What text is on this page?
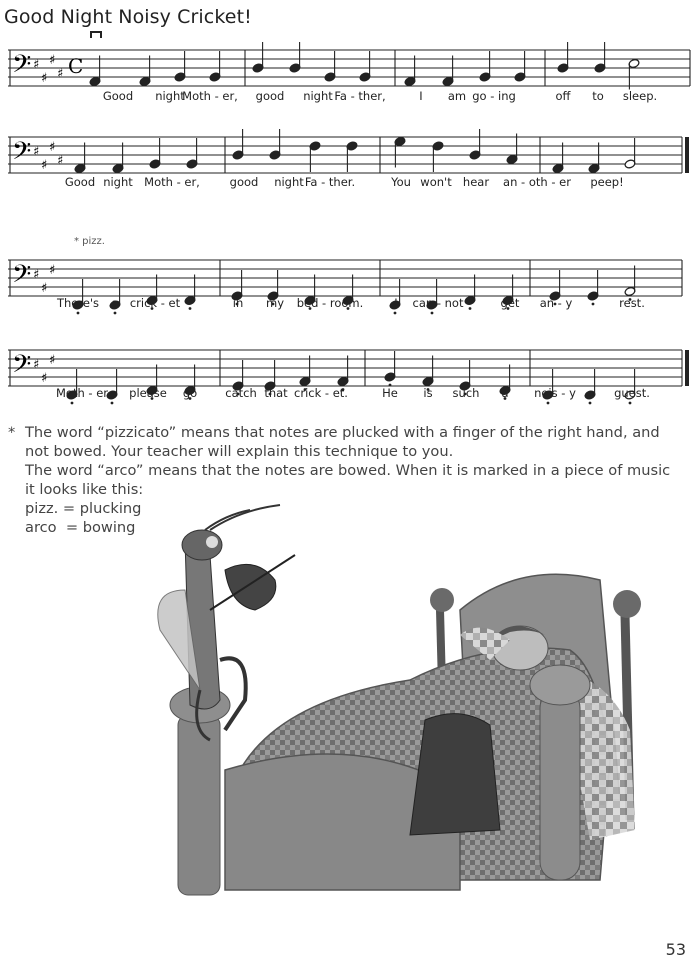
Good Night Noisy Cricket!
𝄢 ♯
♯
♯
♯ C
𝄢 ♯
♯
♯
♯
𝄢 ♯
♯
♯
𝄢 ♯
♯
♯
* pizz.
* The word “pizzicato” means that notes are plucked with a finger of the right hand, and
not bowed. Your teacher will explain this technique to you.
The word “arco” means that the notes are bowed. When it is marked in a piece of music
it looks like this:
pizz. = plucking
arco  = bowing
53
Good night
Moth - er, good night Fa - ther,	I am go - ing	off to sleep.
Good night Moth - er,	good night Fa - ther.	You won't hear an - oth - er peep!
There's a crick - et	in my bed - room.	I can - not	get an - y	rest.
Moth - er please go catch that crick - et.	He is such a nois - y	guest.
